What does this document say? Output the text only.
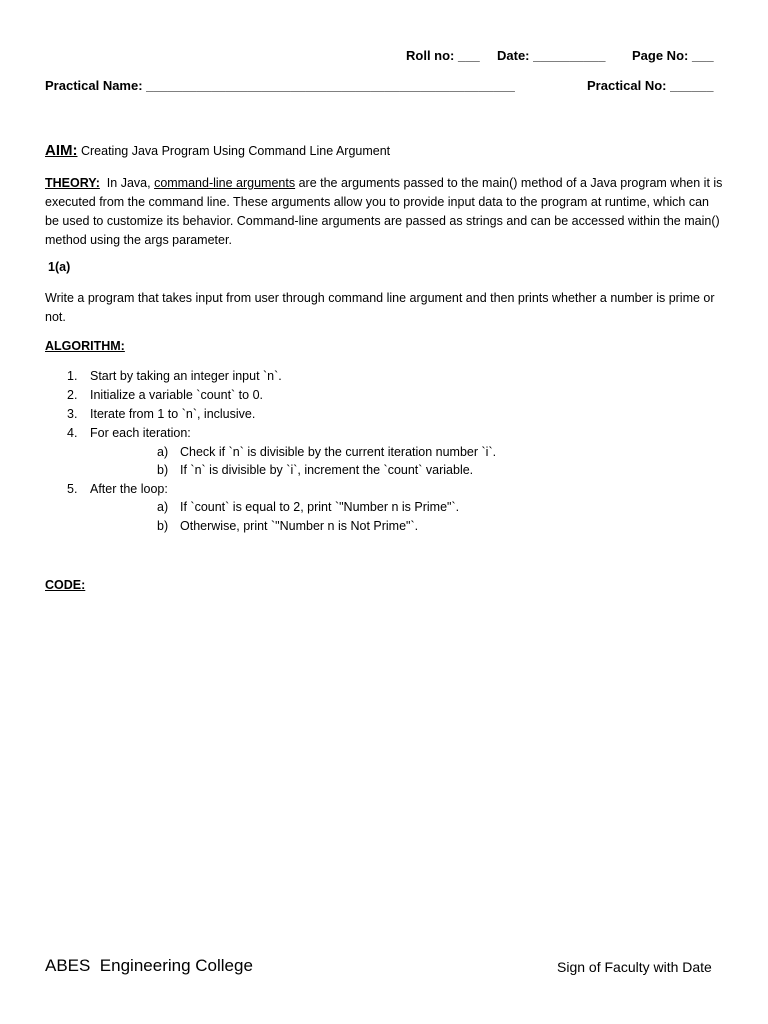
Roll no: ___ Date: __________ Page No: ___
Practical Name: ___________________________________________________	Practical No: ______
AIM: Creating Java Program Using Command Line Argument
THEORY:  In Java, command-line arguments are the arguments passed to the main() method of a Java program when it is executed from the command line. These arguments allow you to provide input data to the program at runtime, which can be used to customize its behavior. Command-line arguments are passed as strings and can be accessed within the main() method using the args parameter.
1(a)
Write a program that takes input from user through command line argument and then prints whether a number is prime or not.
ALGORITHM:
1. Start by taking an integer input `n`.
2. Initialize a variable `count` to 0.
3. Iterate from 1 to `n`, inclusive.
4. For each iteration:
a) Check if `n` is divisible by the current iteration number `i`.
b) If `n` is divisible by `i`, increment the `count` variable.
5. After the loop:
a) If `count` is equal to 2, print `"Number n is Prime"`.
b) Otherwise, print `"Number n is Not Prime"`.
CODE:
ABES  Engineering College	Sign of Faculty with Date
